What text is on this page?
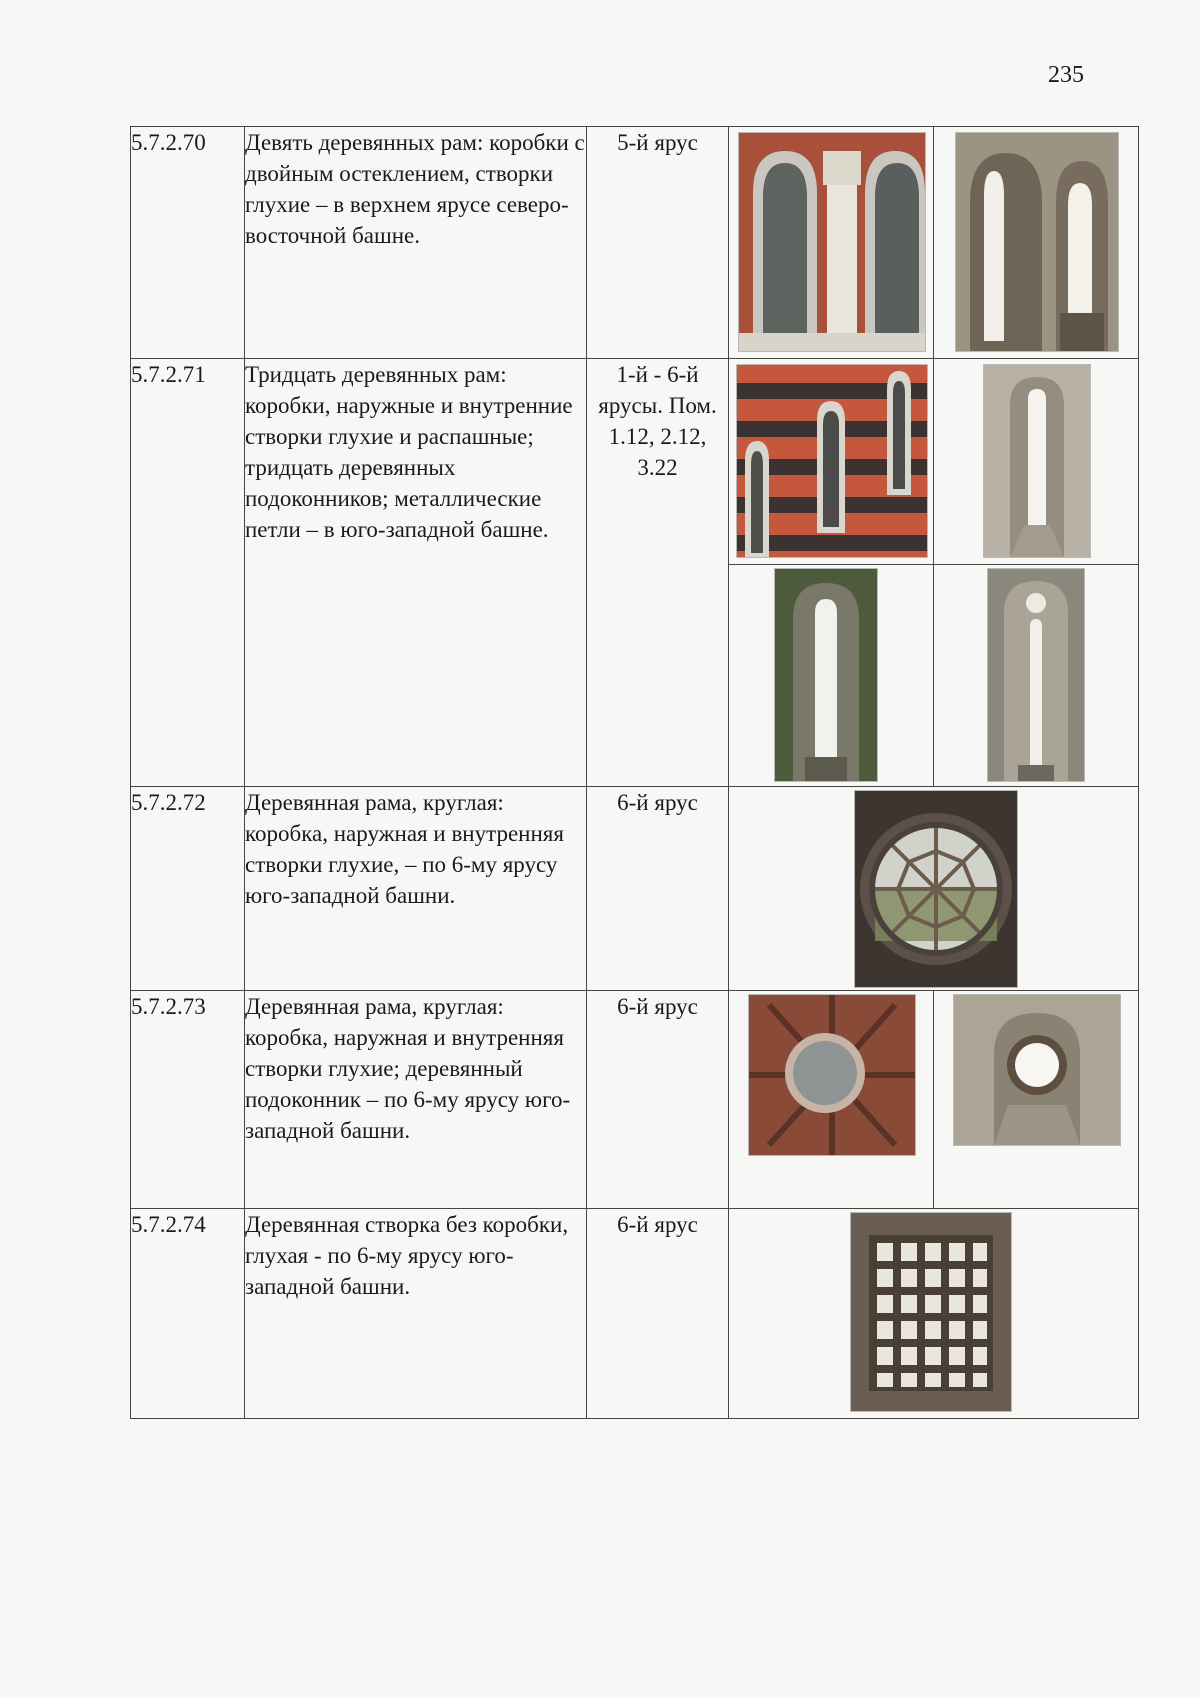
235
5.7.2.70	Девять деревянных рам: коробки с двойным остеклением, створки глухие – в верхнем ярусе северо-восточной башне.	5-й ярус	

5.7.2.71	Тридцать деревянных рам: коробки, наружные и внутренние створки глухие и распашные; тридцать деревянных подоконников; металлические петли – в юго-западной башне.	1-й - 6-й ярусы. Пом. 1.12, 2.12, 3.22	

5.7.2.72	Деревянная рама, круглая: коробка, наружная и внутренняя створки глухие, – по 6-му ярусу юго-западной башни.	6-й ярус	

5.7.2.73	Деревянная рама, круглая: коробка, наружная и внутренняя створки глухие; деревянный подоконник – по 6-му ярусу юго-западной башни.	6-й ярус	

5.7.2.74	Деревянная створка без коробки, глухая - по 6-му ярусу юго-западной башни.	6-й ярус	
